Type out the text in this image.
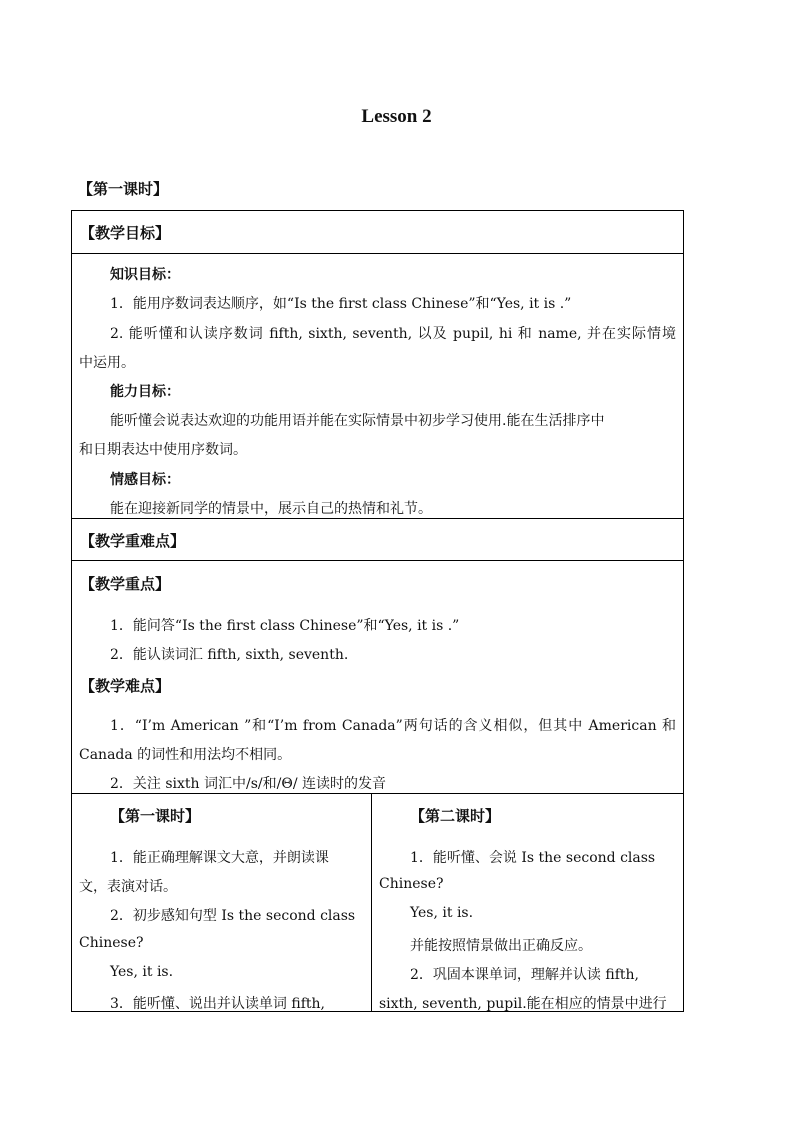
Lesson 2
【第一课时】
【教学目标】
知识目标：
1．能用序数词表达顺序，如“Is the first class Chinese”和“Yes, it is .”
2. 能听懂和认读序数词 fifth, sixth, seventh, 以及 pupil, hi 和 name, 并在实际情境
中运用。
能力目标：
能听懂会说表达欢迎的功能用语并能在实际情景中初步学习使用.能在生活排序中
和日期表达中使用序数词。
情感目标：
能在迎接新同学的情景中，展示自己的热情和礼节。
【教学重难点】
【教学重点】
1．能问答“Is the first class Chinese”和“Yes, it is .”
2．能认读词汇 fifth, sixth, seventh.
【教学难点】
1．“I’m American ”和“I’m from Canada”两句话的含义相似，但其中 American 和
Canada 的词性和用法均不相同。
2．关注 sixth 词汇中/s/和/Θ/ 连读时的发音
【第一课时】
1．能正确理解课文大意，并朗读课
文，表演对话。
2．初步感知句型 Is the second class
Chinese?
Yes, it is.
3．能听懂、说出并认读单词 fifth,
【第二课时】
1．能听懂、会说 Is the second class
Chinese?
Yes, it is.
并能按照情景做出正确反应。
2．巩固本课单词，理解并认读 fifth,
sixth, seventh, pupil.能在相应的情景中进行
